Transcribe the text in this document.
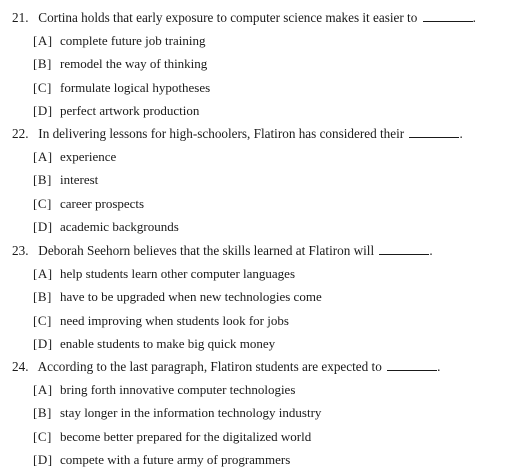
21. Cortina holds that early exposure to computer science makes it easier to	.
[A] complete future job training
[B] remodel the way of thinking
[C] formulate logical hypotheses
[D] perfect artwork production
22. In delivering lessons for high-schoolers, Flatiron has considered their	.
[A] experience
[B] interest
[C] career prospects
[D] academic backgrounds
23. Deborah Seehorn believes that the skills learned at Flatiron will	.
[A] help students learn other computer languages
[B] have to be upgraded when new technologies come
[C] need improving when students look for jobs
[D] enable students to make big quick money
24. According to the last paragraph, Flatiron students are expected to	.
[A] bring forth innovative computer technologies
[B] stay longer in the information technology industry
[C] become better prepared for the digitalized world
[D] compete with a future army of programmers
